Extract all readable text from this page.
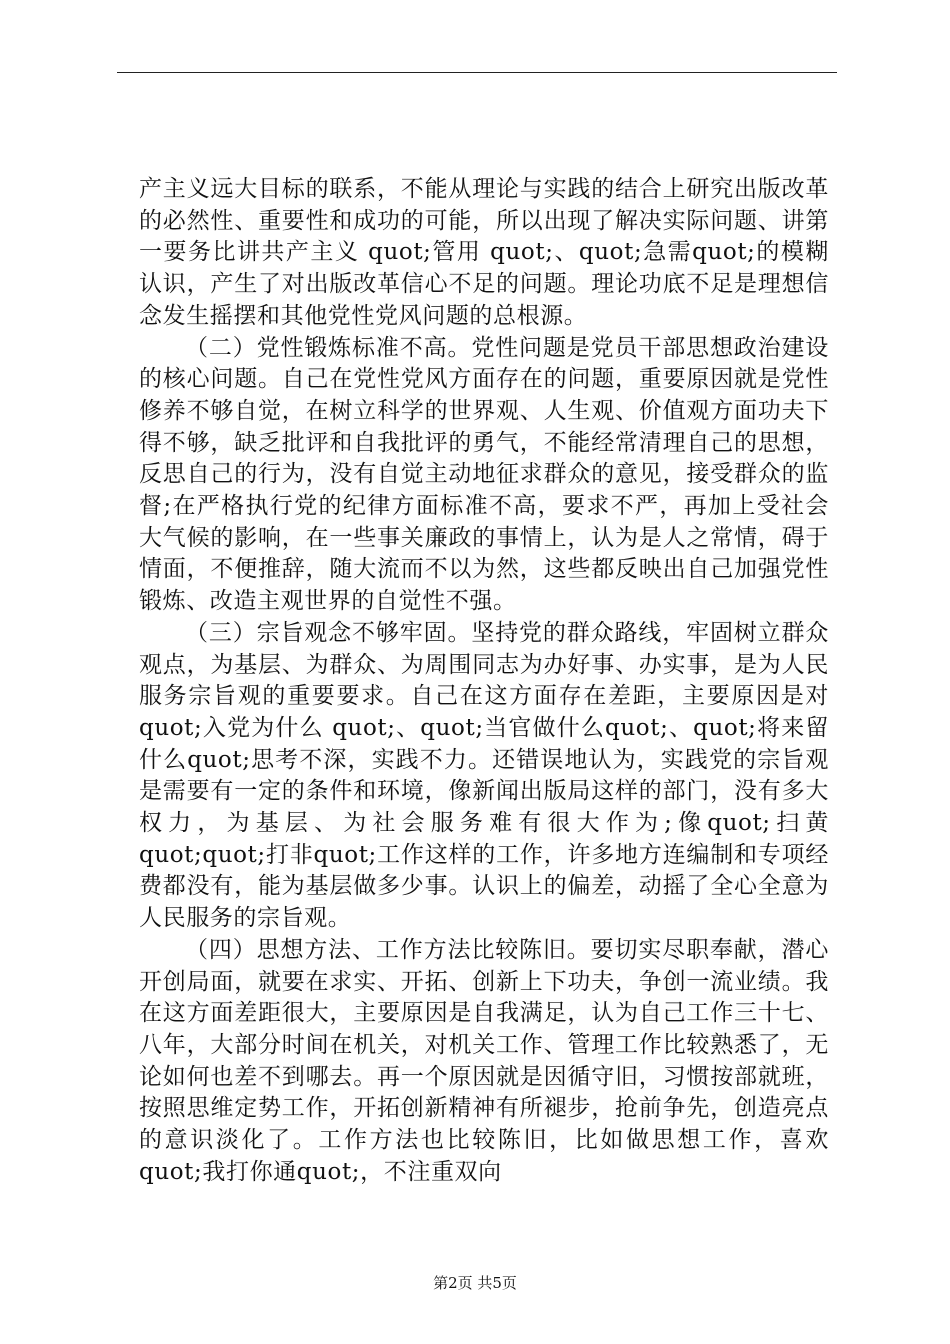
产主义远大目标的联系，不能从理论与实践的结合上研究出版改革的必然性、重要性和成功的可能，所以出现了解决实际问题、讲第一要务比讲共产主义 quot;管用 quot;、quot;急需quot;的模糊认识，产生了对出版改革信心不足的问题。理论功底不足是理想信念发生摇摆和其他党性党风问题的总根源。

（二）党性锻炼标准不高。党性问题是党员干部思想政治建设的核心问题。自己在党性党风方面存在的问题，重要原因就是党性修养不够自觉，在树立科学的世界观、人生观、价值观方面功夫下得不够，缺乏批评和自我批评的勇气，不能经常清理自己的思想，反思自己的行为，没有自觉主动地征求群众的意见，接受群众的监督;在严格执行党的纪律方面标准不高，要求不严，再加上受社会大气候的影响，在一些事关廉政的事情上，认为是人之常情，碍于情面，不便推辞，随大流而不以为然，这些都反映出自己加强党性锻炼、改造主观世界的自觉性不强。

（三）宗旨观念不够牢固。坚持党的群众路线，牢固树立群众观点，为基层、为群众、为周围同志为办好事、办实事，是为人民服务宗旨观的重要要求。自己在这方面存在差距，主要原因是对 quot;入党为什么 quot;、quot;当官做什么quot;、quot;将来留什么quot;思考不深，实践不力。还错误地认为，实践党的宗旨观是需要有一定的条件和环境，像新闻出版局这样的部门，没有多大权力，为基层、为社会服务难有很大作为;像quot;扫黄quot;quot;打非quot;工作这样的工作，许多地方连编制和专项经费都没有，能为基层做多少事。认识上的偏差，动摇了全心全意为人民服务的宗旨观。

（四）思想方法、工作方法比较陈旧。要切实尽职奉献，潜心开创局面，就要在求实、开拓、创新上下功夫，争创一流业绩。我在这方面差距很大，主要原因是自我满足，认为自己工作三十七、八年，大部分时间在机关，对机关工作、管理工作比较熟悉了，无论如何也差不到哪去。再一个原因就是因循守旧，习惯按部就班，按照思维定势工作，开拓创新精神有所褪步，抢前争先，创造亮点的意识淡化了。工作方法也比较陈旧，比如做思想工作，喜欢quot;我打你通quot;，不注重双向

第2页 共5页
